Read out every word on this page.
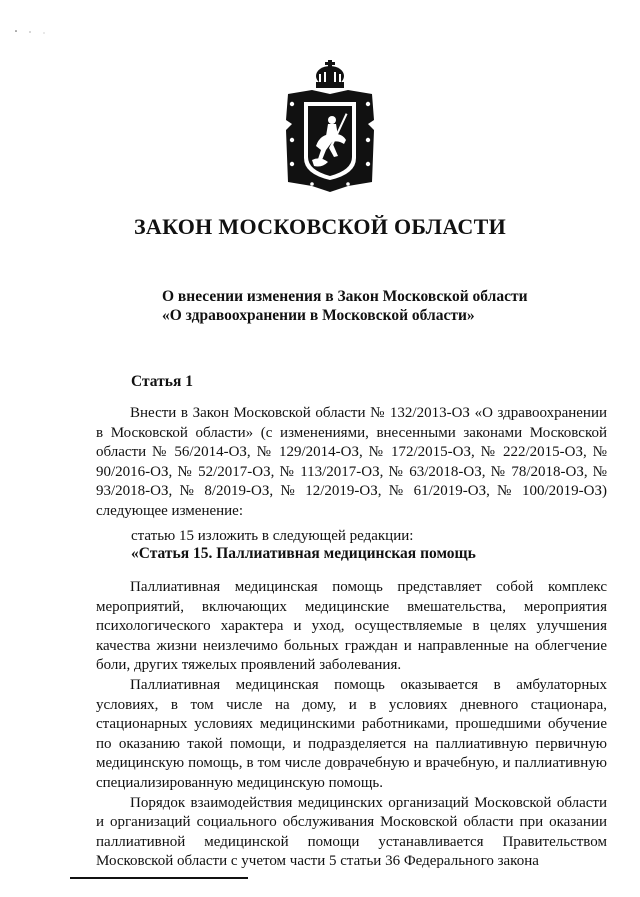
ЗАКОН МОСКОВСКОЙ ОБЛАСТИ
О внесении изменения в Закон Московской области
«О здравоохранении в Московской области»
Статья 1

Внести в Закон Московской области № 132/2013-ОЗ «О здравоохранении в Московской области» (с изменениями, внесенными законами Московской области № 56/2014-ОЗ, № 129/2014-ОЗ, № 172/2015-ОЗ, № 222/2015-ОЗ, № 90/2016-ОЗ, № 52/2017-ОЗ, № 113/2017-ОЗ, № 63/2018-ОЗ, № 78/2018-ОЗ, № 93/2018-ОЗ, № 8/2019-ОЗ, № 12/2019-ОЗ, № 61/2019-ОЗ, № 100/2019-ОЗ) следующее изменение:

статью 15 изложить в следующей редакции:
«Статья 15. Паллиативная медицинская помощь

Паллиативная медицинская помощь представляет собой комплекс мероприятий, включающих медицинские вмешательства, мероприятия психологического характера и уход, осуществляемые в целях улучшения качества жизни неизлечимо больных граждан и направленные на облегчение боли, других тяжелых проявлений заболевания.

Паллиативная медицинская помощь оказывается в амбулаторных условиях, в том числе на дому, и в условиях дневного стационара, стационарных условиях медицинскими работниками, прошедшими обучение по оказанию такой помощи, и подразделяется на паллиативную первичную медицинскую помощь, в том числе доврачебную и врачебную, и паллиативную специализированную медицинскую помощь.

Порядок взаимодействия медицинских организаций Московской области и организаций социального обслуживания Московской области при оказании паллиативной медицинской помощи устанавливается Правительством Московской области с учетом части 5 статьи 36 Федерального закона
